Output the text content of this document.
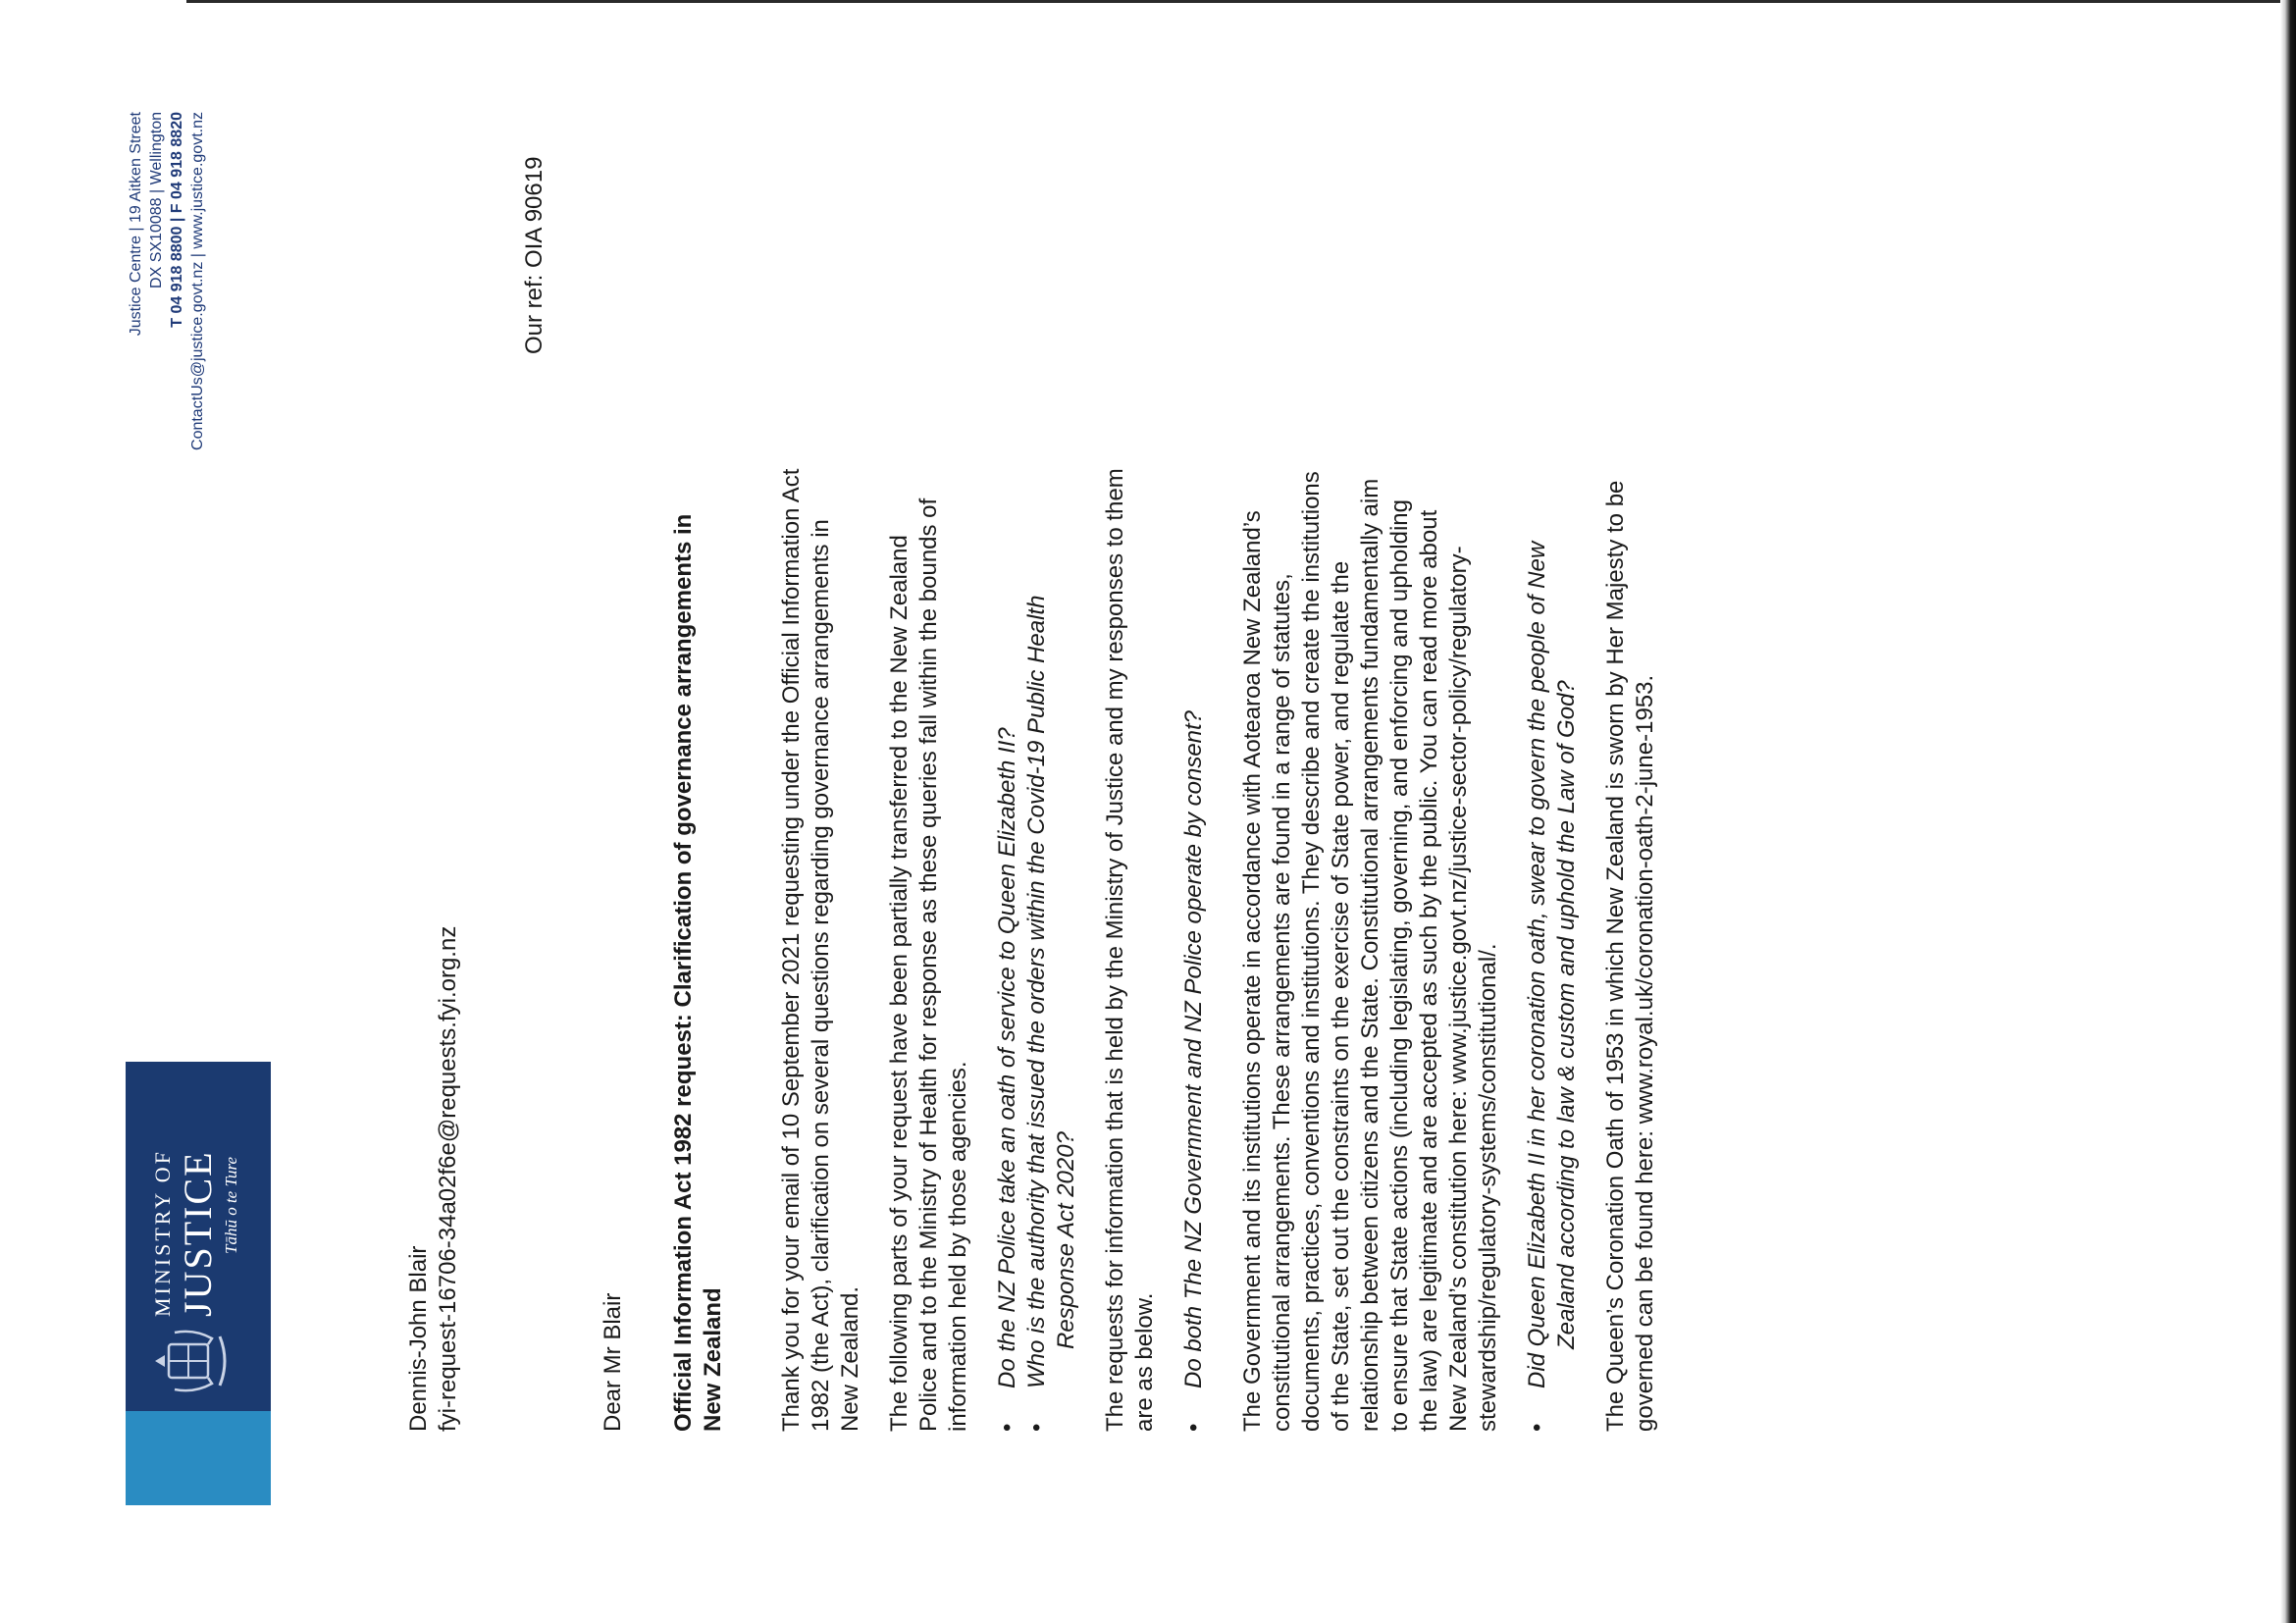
Justice Centre | 19 Aitken Street DX SX10088 | Wellington T 04 918 8800 | F 04 918 8820 ContactUs@justice.govt.nz | www.justice.govt.nz
MINISTRY OF JUSTICE Tāhū o te Ture
Dennis-John Blair fyi-request-16706-34a02f6e@requests.fyi.org.nz
Our ref: OIA 90619
Dear Mr Blair Official Information Act 1982 request: Clarification of governance arrangements in New Zealand Thank you for your email of 10 September 2021 requesting under the Official Information Act 1982 (the Act), clarification on several questions regarding governance arrangements in New Zealand. The following parts of your request have been partially transferred to the New Zealand Police and to the Ministry of Health for response as these queries fall within the bounds of information held by those agencies. •
Do the NZ Police take an oath of service to Queen Elizabeth II?
•
Who is the authority that issued the orders within the Covid-19 Public Health Response Act 2020? The requests for information that is held by the Ministry of Justice and my responses to them are as below. •
Do both The NZ Government and NZ Police operate by consent? The Government and its institutions operate in accordance with Aotearoa New Zealand’s constitutional arrangements. These arrangements are found in a range of statutes, documents, practices, conventions and institutions. They describe and create the institutions of the State, set out the constraints on the exercise of State power, and regulate the relationship between citizens and the State. Constitutional arrangements fundamentally aim to ensure that State actions (including legislating, governing, and enforcing and upholding the law) are legitimate and are accepted as such by the public. You can read more about New Zealand’s constitution here: www.justice.govt.nz/justice-sector-policy/regulatory- stewardship/regulatory-systems/constitutional/. •
Did Queen Elizabeth II in her coronation oath, swear to govern the people of New Zealand according to law & custom and uphold the Law of God? The Queen’s Coronation Oath of 1953 in which New Zealand is sworn by Her Majesty to be governed can be found here: www.royal.uk/coronation-oath-2-june-1953.
